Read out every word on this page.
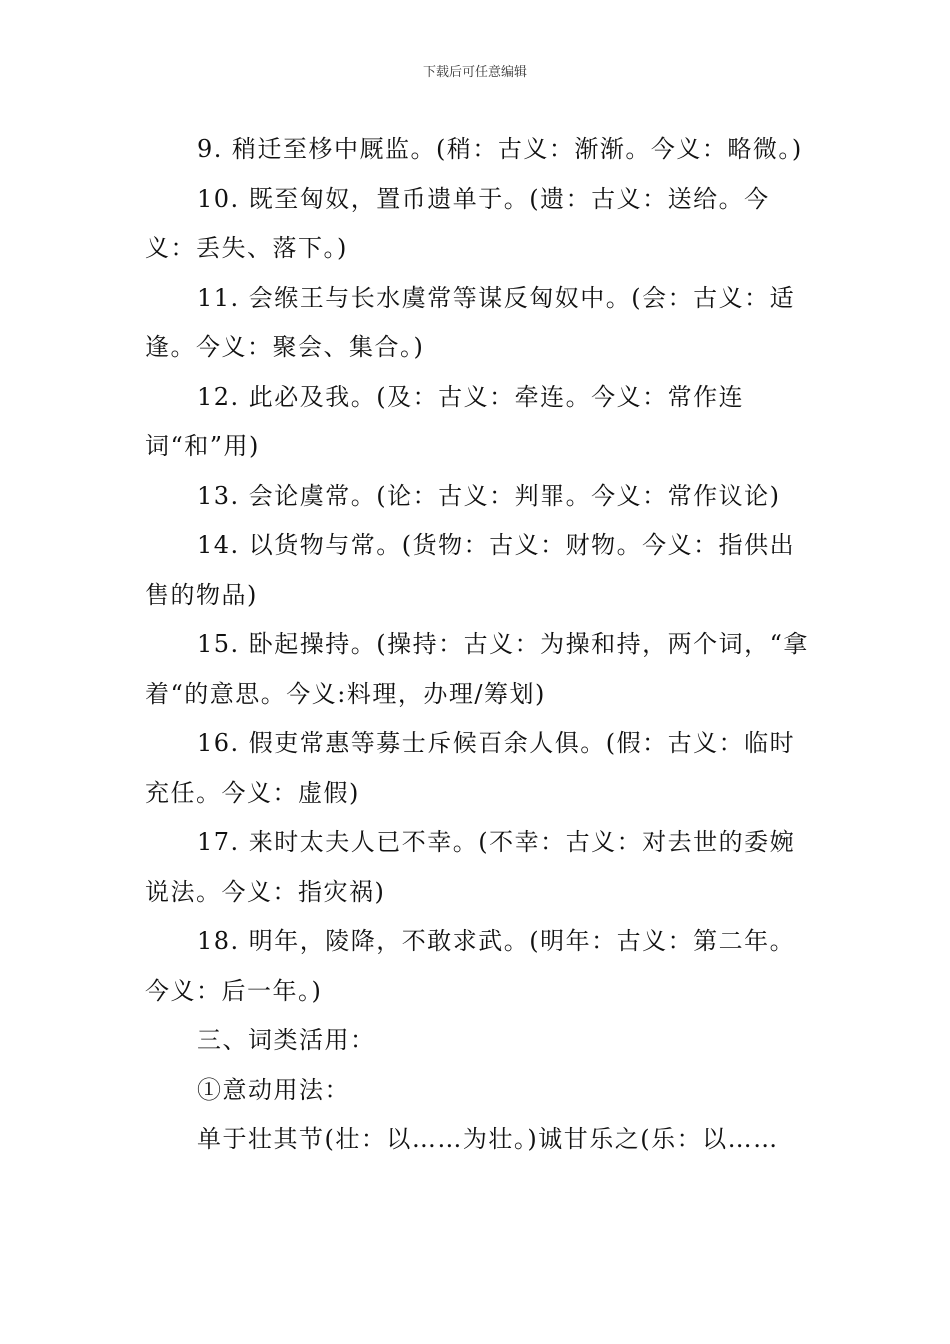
下载后可任意编辑

9. 稍迁至栘中厩监。(稍：古义：渐渐。今义：略微。)

10. 既至匈奴，置币遗单于。(遗：古义：送给。今义：丢失、落下。)

11. 会缑王与长水虞常等谋反匈奴中。(会：古义：适逢。今义：聚会、集合。)

12. 此必及我。(及：古义：牵连。今义：常作连词“和”用)

13. 会论虞常。(论：古义：判罪。今义：常作议论)

14. 以货物与常。(货物：古义：财物。今义：指供出售的物品)

15. 卧起操持。(操持：古义：为操和持，两个词，“拿着“的意思。今义:料理，办理/筹划)

16. 假吏常惠等募士斥候百余人俱。(假：古义：临时充任。今义：虚假)

17. 来时太夫人已不幸。(不幸：古义：对去世的委婉说法。今义：指灾祸)

18. 明年，陵降，不敢求武。(明年：古义：第二年。今义：后一年。)

三、词类活用：

①意动用法：

单于壮其节(壮：以……为壮。)诚甘乐之(乐：以……
